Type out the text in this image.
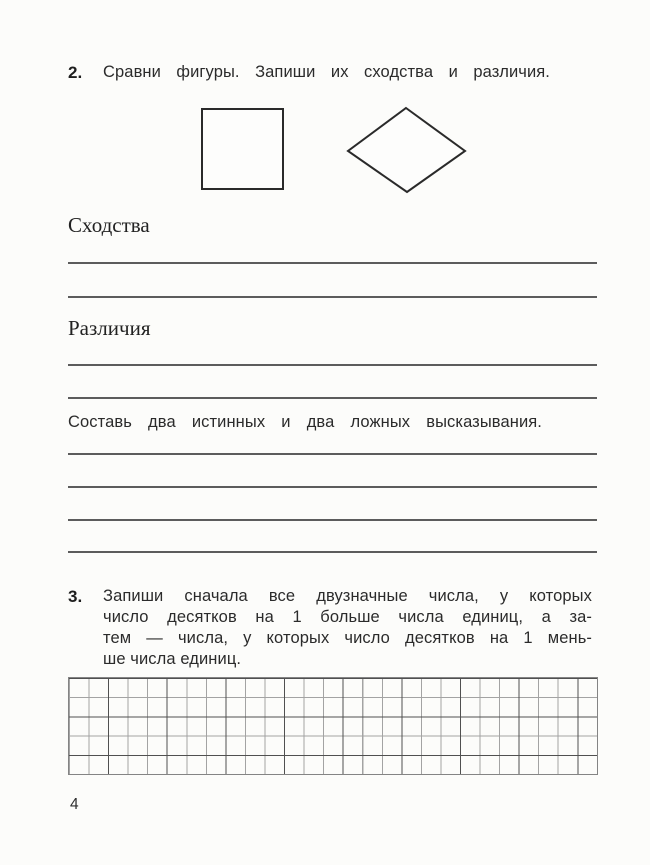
2. Сравни фигуры. Запиши их сходства и различия.
Сходства
Различия
Составь два истинных и два ложных высказывания.
3. Запиши сначала все двузначные числа, у которых
число десятков на 1 больше числа единиц, а за-
тем — числа, у которых число десятков на 1 мень-
ше числа единиц.
4
